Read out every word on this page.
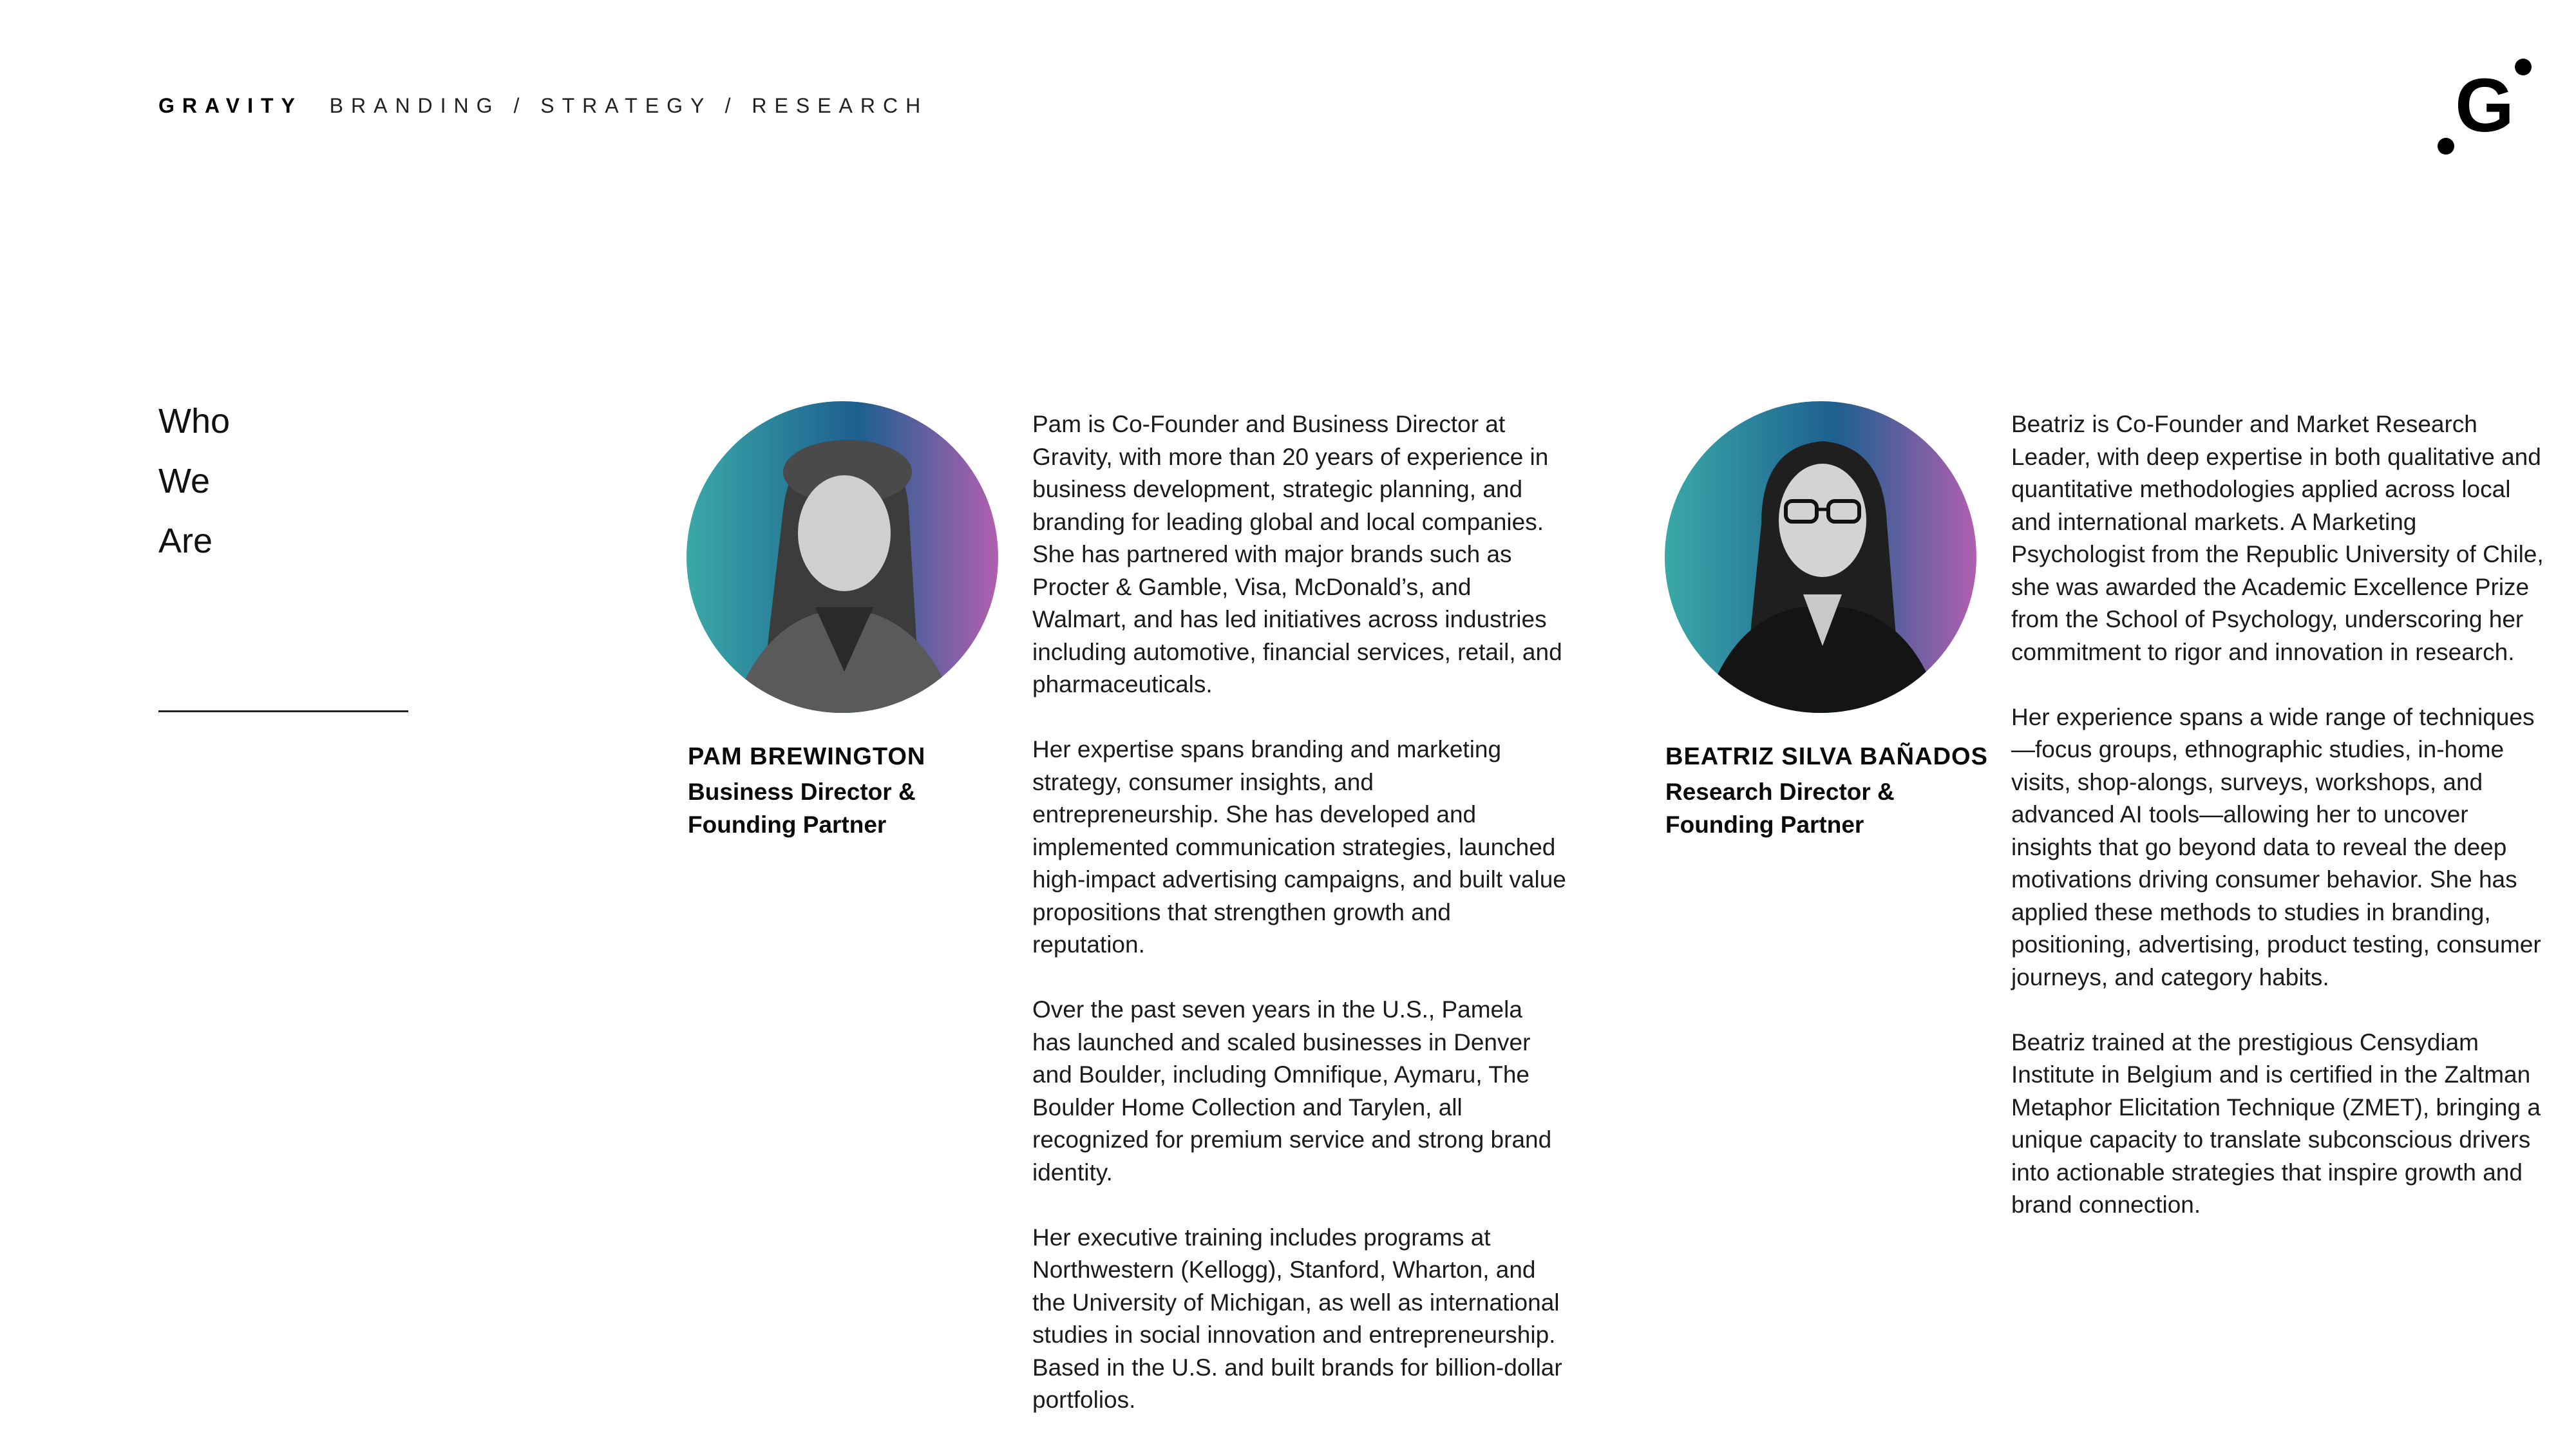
GRAVITY BRANDING / STRATEGY / RESEARCH	G
Who
We
Are
PAM BREWINGTON
Business Director &
Founding Partner

Pam is Co-Founder and Business Director at Gravity, with more than 20 years of experience in business development, strategic planning, and branding for leading global and local companies. She has partnered with major brands such as Procter & Gamble, Visa, McDonald’s, and Walmart, and has led initiatives across industries including automotive, financial services, retail, and pharmaceuticals.

Her expertise spans branding and marketing strategy, consumer insights, and entrepreneurship. She has developed and implemented communication strategies, launched high-impact advertising campaigns, and built value propositions that strengthen growth and reputation.

Over the past seven years in the U.S., Pamela has launched and scaled businesses in Denver and Boulder, including Omnifique, Aymaru, The Boulder Home Collection and Tarylen, all recognized for premium service and strong brand identity.

Her executive training includes programs at Northwestern (Kellogg), Stanford, Wharton, and the University of Michigan, as well as international studies in social innovation and entrepreneurship. Based in the U.S. and built brands for billion-dollar portfolios.

BEATRIZ SILVA BAÑADOS
Research Director &
Founding Partner

Beatriz is Co-Founder and Market Research Leader, with deep expertise in both qualitative and quantitative methodologies applied across local and international markets. A Marketing Psychologist from the Republic University of Chile, she was awarded the Academic Excellence Prize from the School of Psychology, underscoring her commitment to rigor and innovation in research.

Her experience spans a wide range of techniques—focus groups, ethnographic studies, in-home visits, shop-alongs, surveys, workshops, and advanced AI tools—allowing her to uncover insights that go beyond data to reveal the deep motivations driving consumer behavior. She has applied these methods to studies in branding, positioning, advertising, product testing, consumer journeys, and category habits.

Beatriz trained at the prestigious Censydiam Institute in Belgium and is certified in the Zaltman Metaphor Elicitation Technique (ZMET), bringing a unique capacity to translate subconscious drivers into actionable strategies that inspire growth and brand connection.
